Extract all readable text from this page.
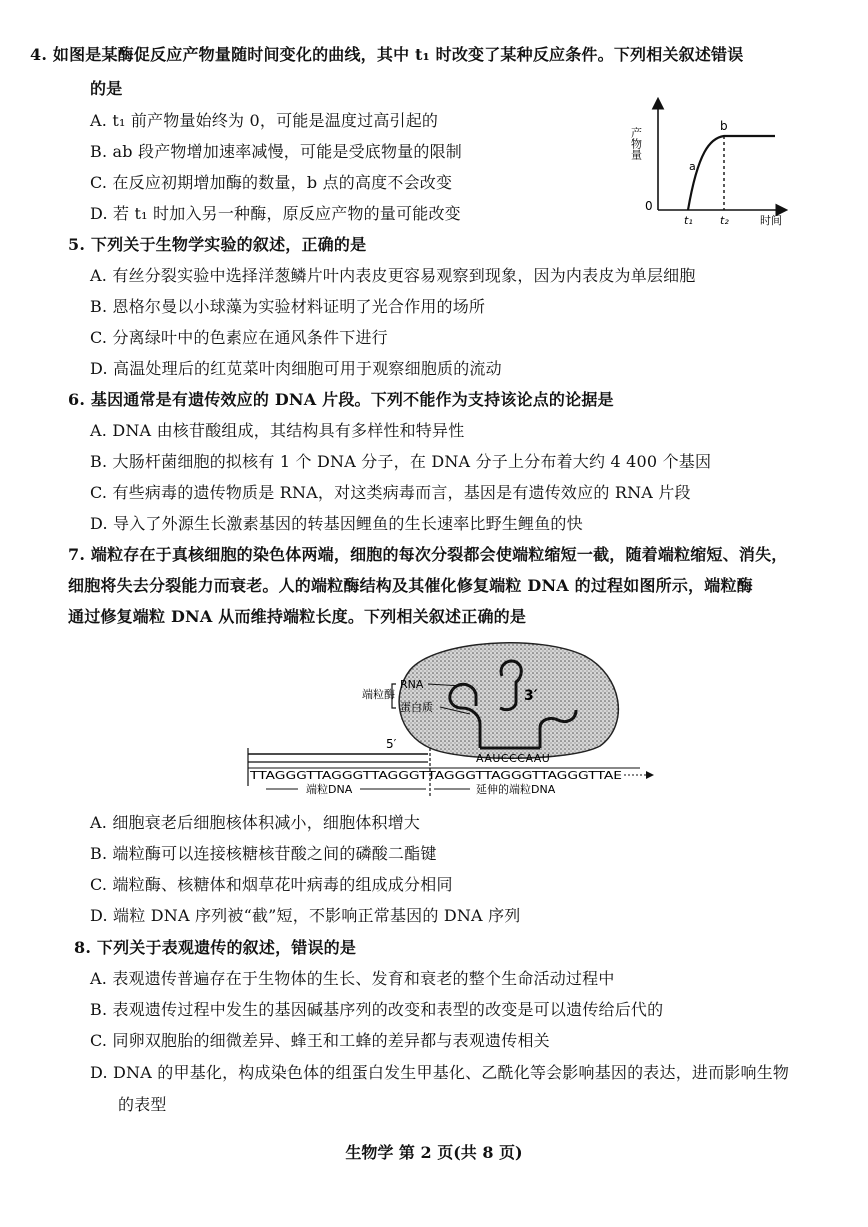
4. 如图是某酶促反应产物量随时间变化的曲线，其中 t₁ 时改变了某种反应条件。下列相关叙述错误
的是
A. t₁ 前产物量始终为 0，可能是温度过高引起的
B. ab 段产物增加速率减慢，可能是受底物量的限制
C. 在反应初期增加酶的数量，b 点的高度不会改变
D. 若 t₁ 时加入另一种酶，原反应产物的量可能改变
产物量
0
t₁ t₂	时间
a
b
5. 下列关于生物学实验的叙述，正确的是
A. 有丝分裂实验中选择洋葱鳞片叶内表皮更容易观察到现象，因为内表皮为单层细胞
B. 恩格尔曼以小球藻为实验材料证明了光合作用的场所
C. 分离绿叶中的色素应在通风条件下进行
D. 高温处理后的红苋菜叶肉细胞可用于观察细胞质的流动
6. 基因通常是有遗传效应的 DNA 片段。下列不能作为支持该论点的论据是
A. DNA 由核苷酸组成，其结构具有多样性和特异性
B. 大肠杆菌细胞的拟核有 1 个 DNA 分子，在 DNA 分子上分布着大约 4 400 个基因
C. 有些病毒的遗传物质是 RNA，对这类病毒而言，基因是有遗传效应的 RNA 片段
D. 导入了外源生长激素基因的转基因鲤鱼的生长速率比野生鲤鱼的快
7. 端粒存在于真核细胞的染色体两端，细胞的每次分裂都会使端粒缩短一截，随着端粒缩短、消失，
细胞将失去分裂能力而衰老。人的端粒酶结构及其催化修复端粒 DNA 的过程如图所示，端粒酶
通过修复端粒 DNA 从而维持端粒长度。下列相关叙述正确的是
3′
端粒酶
RNA
蛋白质
AAUCCCAAU
5′
TTAGGGTTAGGGTTAGGGTTAGGGTTAGGGTTAGGGTTAE
端粒DNA	延伸的端粒DNA
A. 细胞衰老后细胞核体积减小，细胞体积增大
B. 端粒酶可以连接核糖核苷酸之间的磷酸二酯键
C. 端粒酶、核糖体和烟草花叶病毒的组成成分相同
D. 端粒 DNA 序列被“截”短，不影响正常基因的 DNA 序列
8. 下列关于表观遗传的叙述，错误的是
A. 表观遗传普遍存在于生物体的生长、发育和衰老的整个生命活动过程中
B. 表观遗传过程中发生的基因碱基序列的改变和表型的改变是可以遗传给后代的
C. 同卵双胞胎的细微差异、蜂王和工蜂的差异都与表观遗传相关
D. DNA 的甲基化，构成染色体的组蛋白发生甲基化、乙酰化等会影响基因的表达，进而影响生物
的表型
生物学 第 2 页(共 8 页)
